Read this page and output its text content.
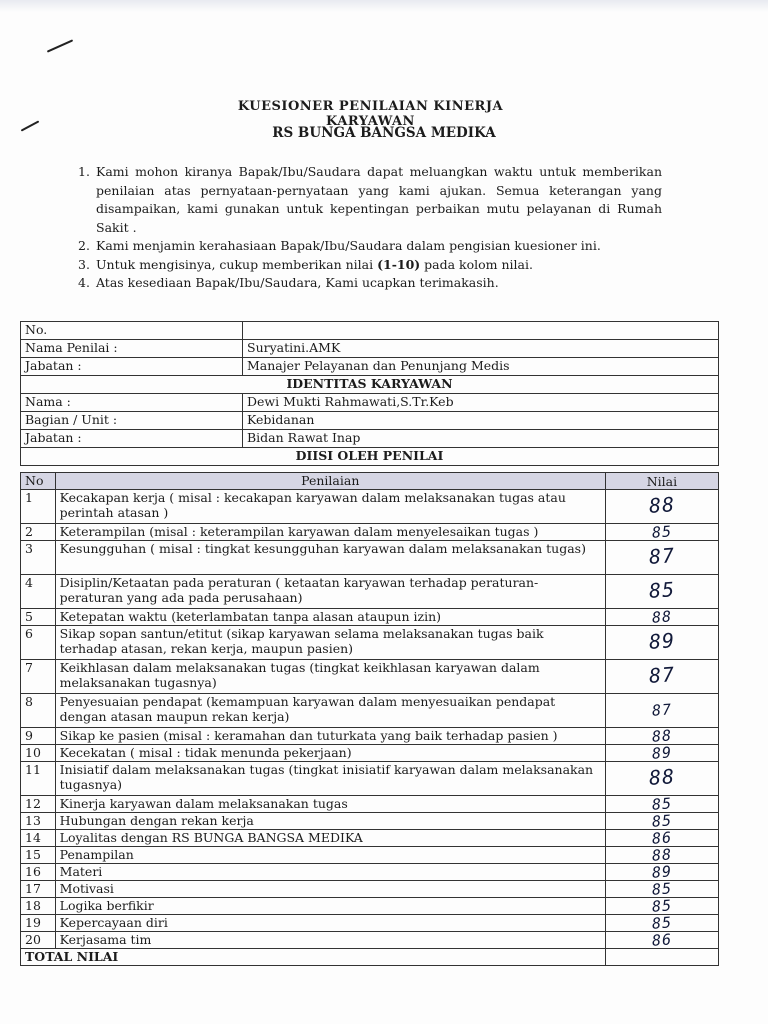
KUESIONER PENILAIAN KINERJA KARYAWAN
RS BUNGA BANGSA MEDIKA
1. Kami mohon kiranya Bapak/Ibu/Saudara dapat meluangkan waktu untuk memberikan penilaian atas pernyataan-pernyataan yang kami ajukan. Semua keterangan yang disampaikan, kami gunakan untuk kepentingan perbaikan mutu pelayanan di Rumah Sakit .
2. Kami menjamin kerahasiaan Bapak/Ibu/Saudara dalam pengisian kuesioner ini.
3. Untuk mengisinya, cukup memberikan nilai (1-10) pada kolom nilai.
4. Atas kesediaan Bapak/Ibu/Saudara, Kami ucapkan terimakasih.
No.	
Nama Penilai :	Suryatini.AMK
Jabatan :	Manajer Pelayanan dan Penunjang Medis
IDENTITAS KARYAWAN	
Nama :	Dewi Mukti Rahmawati,S.Tr.Keb
Bagian / Unit :	Kebidanan
Jabatan :	Bidan Rawat Inap
DIISI OLEH PENILAI	
No	Penilaian	Nilai
1	Kecakapan kerja ( misal : kecakapan karyawan dalam melaksanakan tugas atau perintah atasan )	88
2	Keterampilan (misal : keterampilan karyawan dalam menyelesaikan tugas )	85
3	Kesungguhan ( misal : tingkat kesungguhan karyawan dalam melaksanakan tugas)	87
4	Disiplin/Ketaatan pada peraturan ( ketaatan karyawan terhadap peraturan-peraturan yang ada pada perusahaan)	85
5	Ketepatan waktu (keterlambatan tanpa alasan ataupun izin)	88
6	Sikap sopan santun/etitut (sikap karyawan selama melaksanakan tugas baik terhadap atasan, rekan kerja, maupun pasien)	89
7	Keikhlasan dalam melaksanakan tugas (tingkat keikhlasan karyawan dalam melaksanakan tugasnya)	87
8	Penyesuaian pendapat (kemampuan karyawan dalam menyesuaikan pendapat dengan atasan maupun rekan kerja)	87
9	Sikap ke pasien (misal : keramahan dan tuturkata yang baik terhadap pasien )	88
10	Kecekatan ( misal : tidak menunda pekerjaan)	89
11	Inisiatif dalam melaksanakan tugas (tingkat inisiatif karyawan dalam melaksanakan tugasnya)	88
12	Kinerja karyawan dalam melaksanakan tugas	85
13	Hubungan dengan rekan kerja	85
14	Loyalitas dengan RS BUNGA BANGSA MEDIKA	86
15	Penampilan	88
16	Materi	89
17	Motivasi	85
18	Logika berfikir	85
19	Kepercayaan diri	85
20	Kerjasama tim	86
TOTAL NILAI		
